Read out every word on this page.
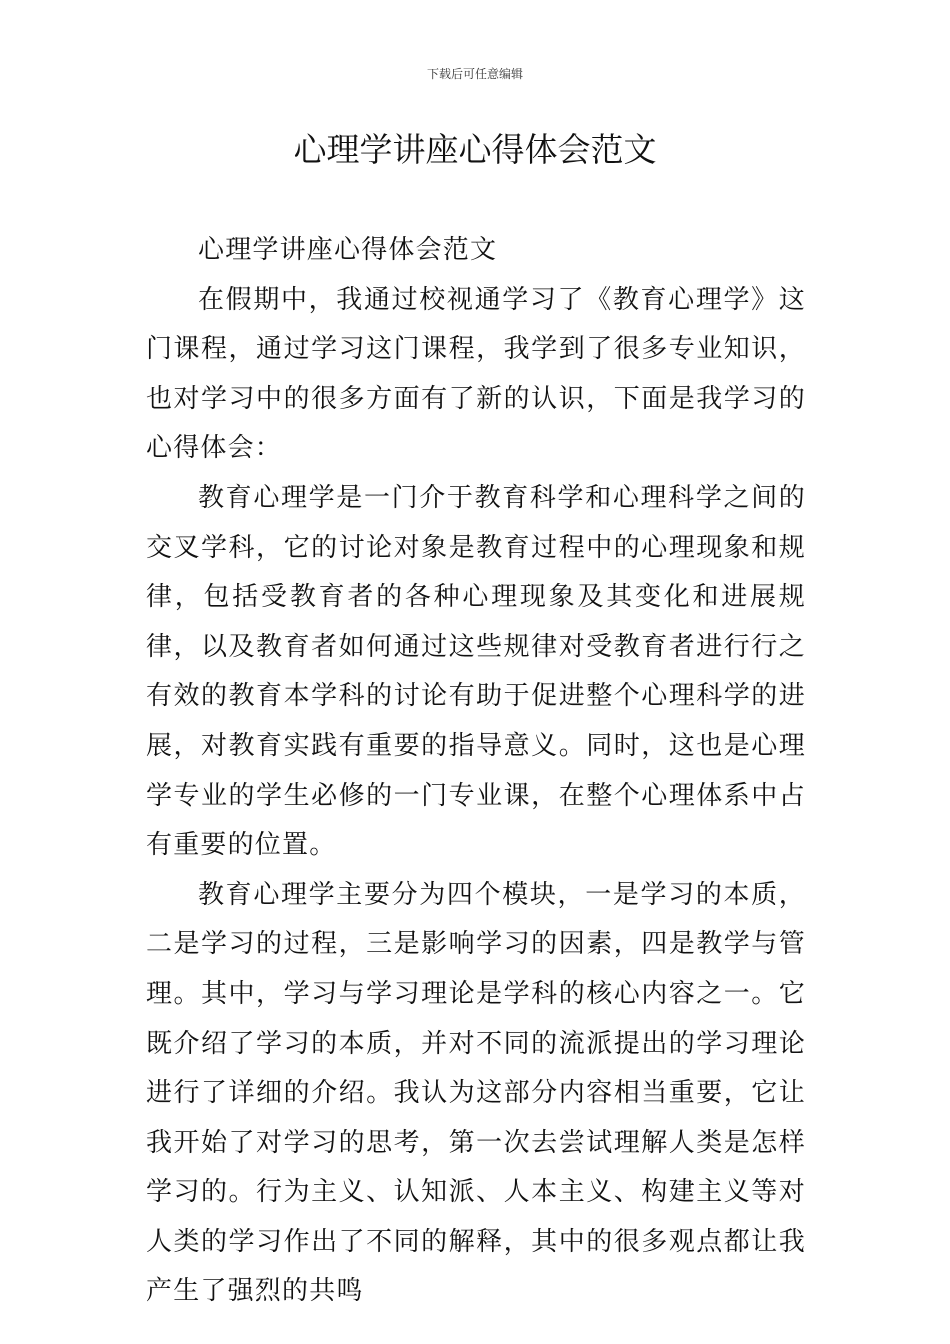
下载后可任意编辑
心理学讲座心得体会范文

心理学讲座心得体会范文

在假期中，我通过校视通学习了《教育心理学》这门课程，通过学习这门课程，我学到了很多专业知识，也对学习中的很多方面有了新的认识，下面是我学习的心得体会：

教育心理学是一门介于教育科学和心理科学之间的交叉学科，它的讨论对象是教育过程中的心理现象和规律，包括受教育者的各种心理现象及其变化和进展规律，以及教育者如何通过这些规律对受教育者进行行之有效的教育本学科的讨论有助于促进整个心理科学的进展，对教育实践有重要的指导意义。同时，这也是心理学专业的学生必修的一门专业课，在整个心理体系中占有重要的位置。

教育心理学主要分为四个模块，一是学习的本质，二是学习的过程，三是影响学习的因素，四是教学与管理。其中，学习与学习理论是学科的核心内容之一。它既介绍了学习的本质，并对不同的流派提出的学习理论进行了详细的介绍。我认为这部分内容相当重要，它让我开始了对学习的思考，第一次去尝试理解人类是怎样学习的。行为主义、认知派、人本主义、构建主义等对人类的学习作出了不同的解释，其中的很多观点都让我产生了强烈的共鸣
